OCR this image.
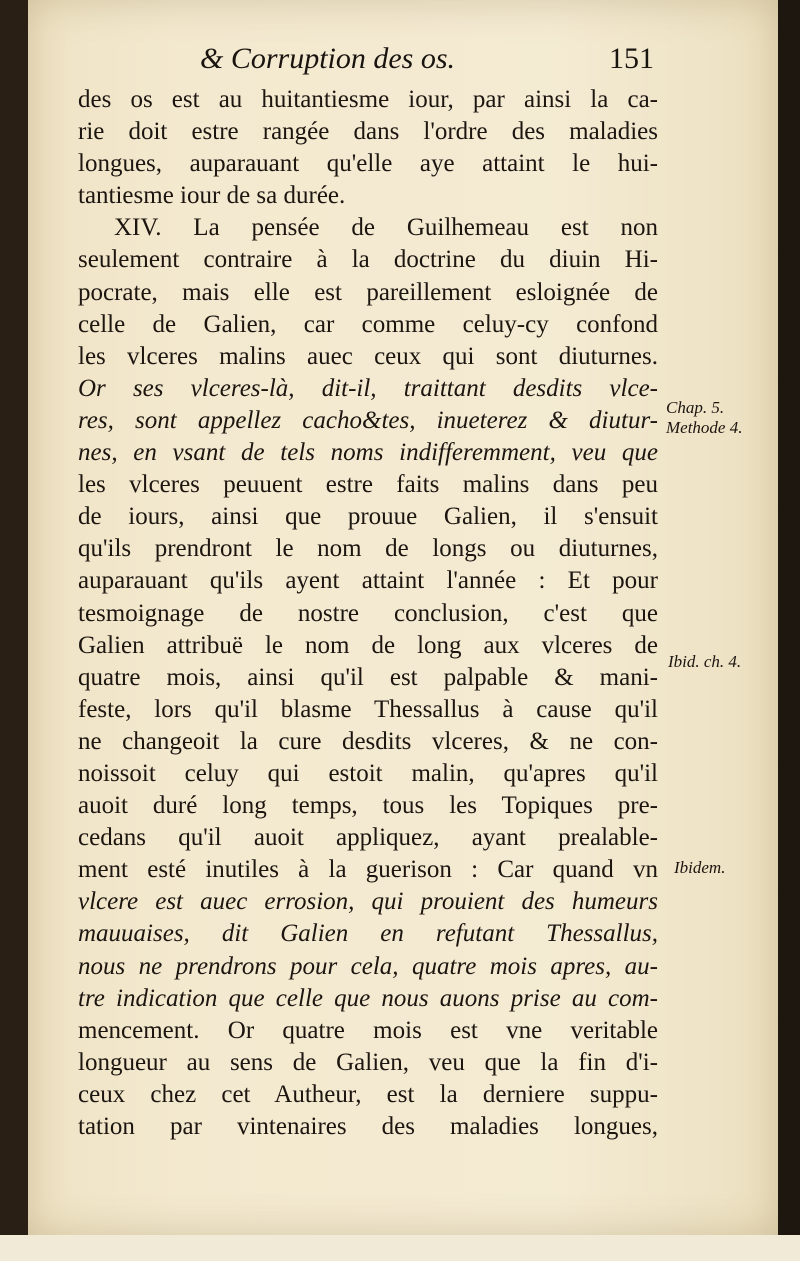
& Corruption des os.	151
des os est au huitantiesme iour, par ainsi la ca-
rie doit estre rangée dans l'ordre des maladies
longues, auparauant qu'elle aye attaint le hui-
tantiesme iour de sa durée.
XIV. La pensée de Guilhemeau est non
seulement contraire à la doctrine du diuin Hi-
pocrate, mais elle est pareillement esloignée de
celle de Galien, car comme celuy-cy confond
les vlceres malins auec ceux qui sont diuturnes.
Or ses vlceres-là, dit-il, traittant desdits vlce-
res, sont appellez cacho&tes, inueterez & diutur-
nes, en vsant de tels noms indifferemment, veu que
les vlceres peuuent estre faits malins dans peu
de iours, ainsi que prouue Galien, il s'ensuit
qu'ils prendront le nom de longs ou diuturnes,
auparauant qu'ils ayent attaint l'année : Et pour
tesmoignage de nostre conclusion, c'est que
Galien attribuë le nom de long aux vlceres de
quatre mois, ainsi qu'il est palpable & mani-
feste, lors qu'il blasme Thessallus à cause qu'il
ne changeoit la cure desdits vlceres, & ne con-
noissoit celuy qui estoit malin, qu'apres qu'il
auoit duré long temps, tous les Topiques pre-
cedans qu'il auoit appliquez, ayant prealable-
ment esté inutiles à la guerison : Car quand vn
vlcere est auec errosion, qui prouient des humeurs
mauuaises, dit Galien en refutant Thessallus,
nous ne prendrons pour cela, quatre mois apres, au-
tre indication que celle que nous auons prise au com-
mencement. Or quatre mois est vne veritable
longueur au sens de Galien, veu que la fin d'i-
ceux chez cet Autheur, est la derniere suppu-
tation par vintenaires des maladies longues,
Chap. 5.
Methode 4.
Ibid. ch. 4.
Ibidem.
